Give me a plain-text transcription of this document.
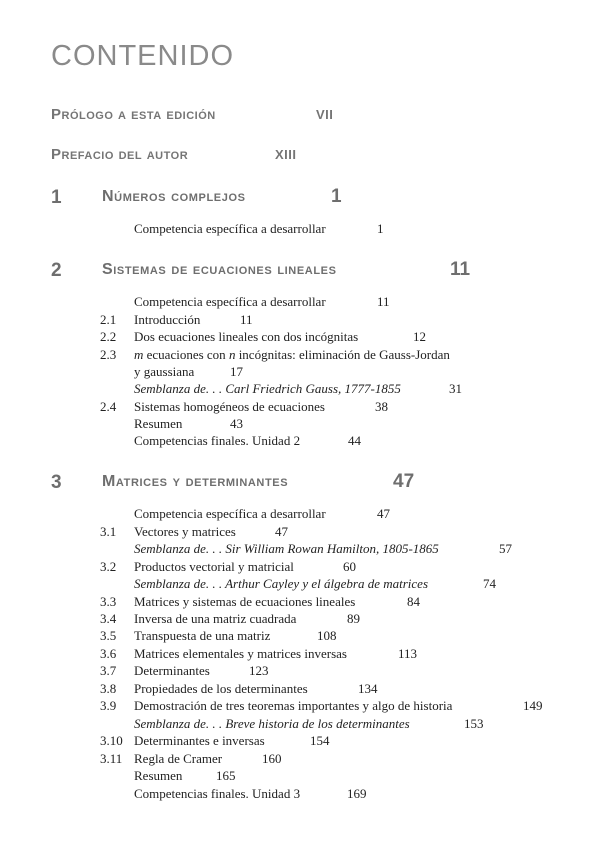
CONTENIDO
Prólogo a esta edición	VII
Prefacio del autor	XIII
1	Números complejos	1
Competencia específica a desarrollar	1
2	Sistemas de ecuaciones lineales	11
Competencia específica a desarrollar	11
2.1 Introducción	11
2.2 Dos ecuaciones lineales con dos incógnitas	12
2.3 m ecuaciones con n incógnitas: eliminación de Gauss-Jordan
y gaussiana	17
Semblanza de. . . Carl Friedrich Gauss, 1777-1855	31
2.4 Sistemas homogéneos de ecuaciones	38
Resumen	43
Competencias finales. Unidad 2	44
3	Matrices y determinantes	47
Competencia específica a desarrollar	47
3.1 Vectores y matrices	47
Semblanza de. . . Sir William Rowan Hamilton, 1805-1865	57
3.2 Productos vectorial y matricial	60
Semblanza de. . . Arthur Cayley y el álgebra de matrices	74
3.3 Matrices y sistemas de ecuaciones lineales	84
3.4 Inversa de una matriz cuadrada	89
3.5 Transpuesta de una matriz	108
3.6 Matrices elementales y matrices inversas	113
3.7 Determinantes	123
3.8 Propiedades de los determinantes	134
3.9 Demostración de tres teoremas importantes y algo de historia	149
Semblanza de. . . Breve historia de los determinantes	153
3.10 Determinantes e inversas	154
3.11 Regla de Cramer	160
Resumen	165
Competencias finales. Unidad 3	169
